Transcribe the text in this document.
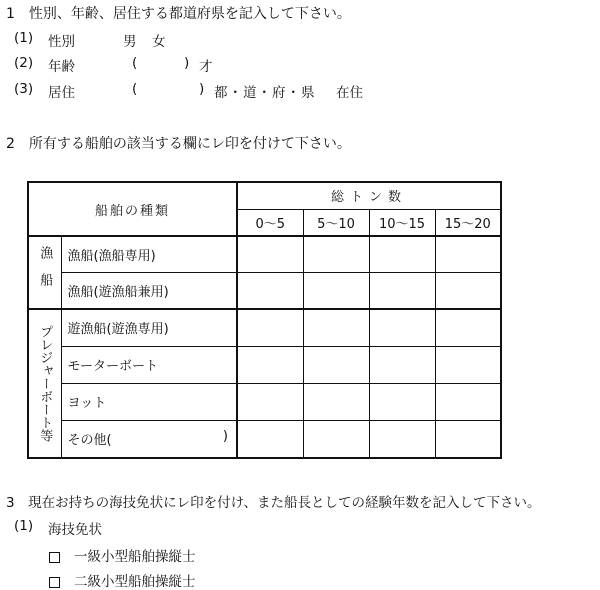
1　性別、年齢、居住する都道府県を記入して下さい。
(1) 性別	男 女
(2) 年齢	(	) 才
(3) 居住	(	) 都・道・府・県 在住
2　所有する船舶の該当する欄にレ印を付けて下さい。
船舶の種類		総トン数			
		0～5	5～10	10～15	15～20

漁船	漁船(漁船専用)				
	漁船(遊漁船兼用)				
プレジャーボート等	遊漁船(遊漁専用)				
	モーターボート				
	ヨット				

	その他( )				

3　現在お持ちの海技免状にレ印を付け、また船長としての経験年数を記入して下さい。
(1) 海技免状
一級小型船舶操縦士
二級小型船舶操縦士
